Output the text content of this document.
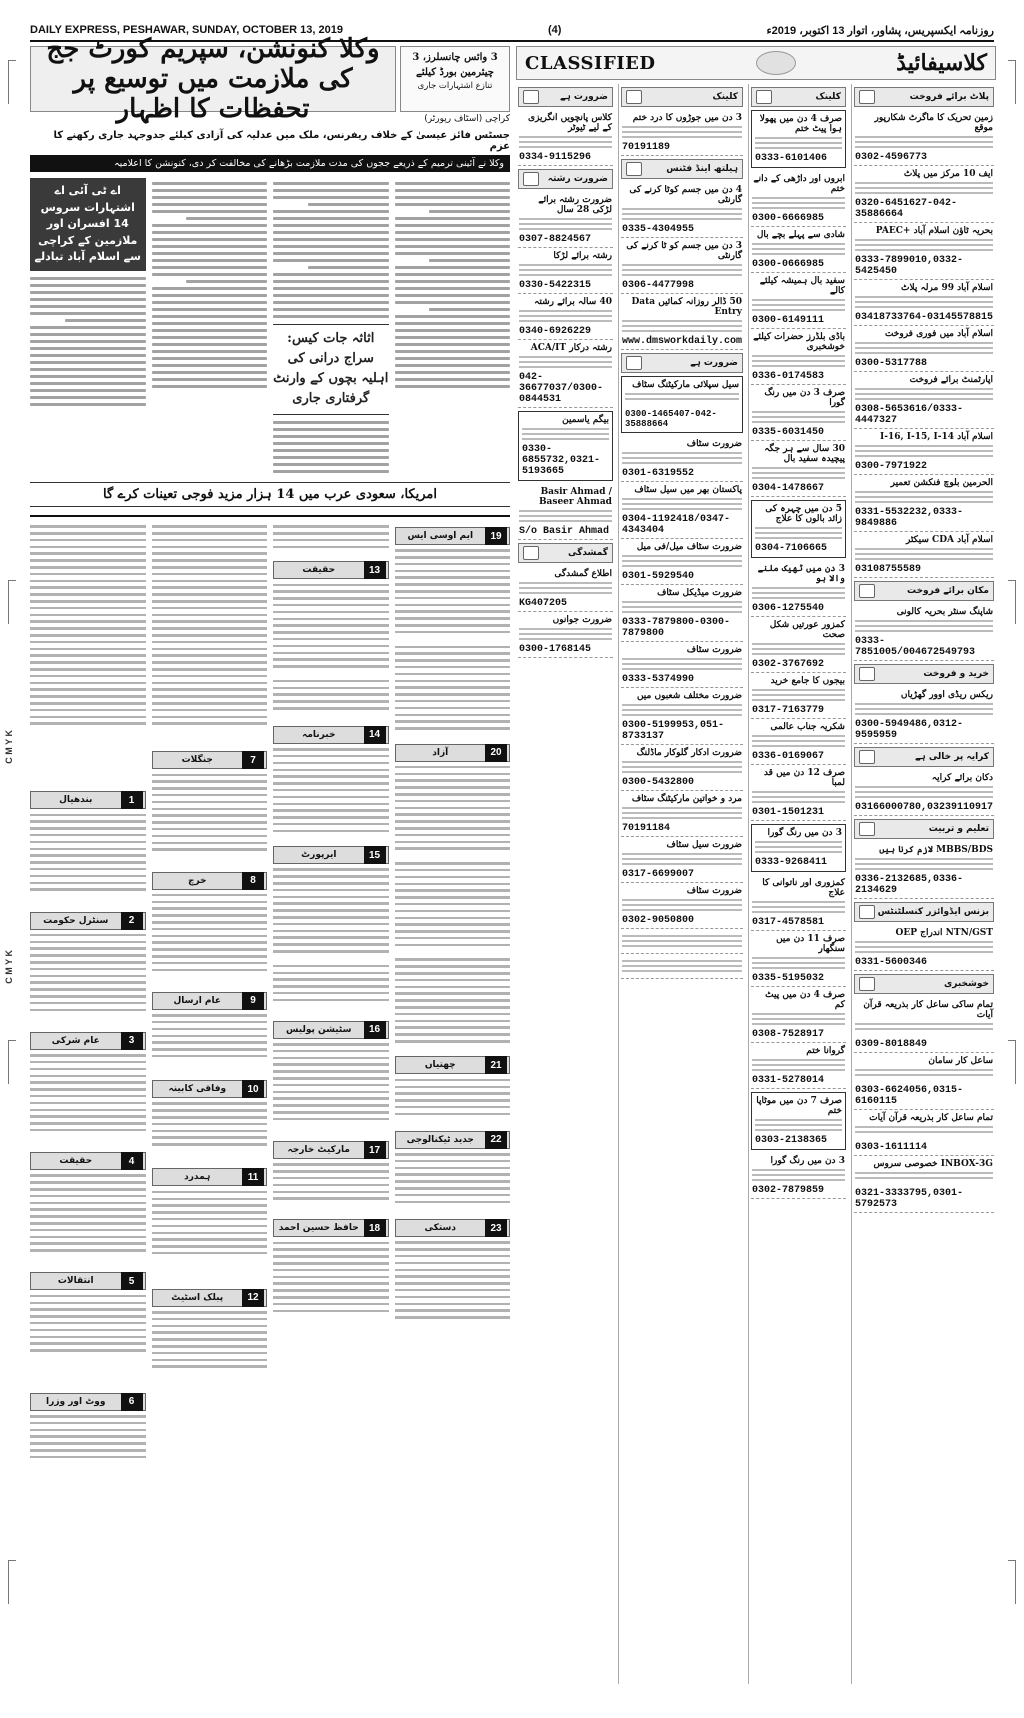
DAILY EXPRESS, PESHAWAR, SUNDAY, OCTOBER 13, 2019	(4)	روزنامہ ایکسپریس، پشاور، اتوار 13 اکتوبر، 2019ء
C M Y K
C M Y K
وکلا کنونشن، سپریم کورٹ جج کی ملازمت میں توسیع پر تحفظات کا اظہار
3 وائس چانسلرز، 3 چیئرمین بورڈ کیلئے
تنازع اشتہارات جاری
کراچی (اسٹاف رپورٹر)
جسٹس فائز عیسیٰ کے خلاف ریفرنس، ملک میں عدلیہ کی آزادی کیلئے جدوجہد جاری رکھنے کا عزم
وکلا نے آئینی ترمیم کے ذریعے ججوں کی مدت ملازمت بڑھانے کی مخالفت کر دی، کنونشن کا اعلامیہ
اثاثہ جات کیس: سراج درانی کی اہلیہ بچوں کے وارنٹ گرفتاری جاری
اے ٹی آئی اے اشتہارات سروس 14 افسران اور ملازمین کے کراچی سے اسلام آباد تبادلے
امریکا، سعودی عرب میں 14 ہزار مزید فوجی تعینات کرے گا
19
ایم اوسی ایس
20
آزاد
21
چھتیاں
22
جدید ٹیکنالوجی
23
دستکی
13
حقیقت
14
خبرنامہ
15
ایرپورٹ
16
سٹیشن پولیس
17
مارکیٹ خارجہ
18
حافظ حسین احمد
7
جنگلات
8
خرچ
9
عام ارسال
10
وفاقی کابینہ
11
ہمدرد
12
پبلک اسٹیٹ
1
بندھیال
2
سنٹرل حکومت
3
عام شرکی
4
حقیقت
5
انتقالات
6
ووٹ اور وزرا
CLASSIFIED	کلاسیفائیڈ
پلاٹ برائے فروخت
زمین تحریک کا ماگرٹ شکارپور موقع
0302-4596773
ایف 10 مرکز میں پلاٹ
0320-6451627-042-35886664
بحریہ ٹاؤن اسلام آباد +PAEC
0333-7899010,0332-5425450
اسلام آباد 99 مرلہ پلاٹ
03418733764-03145578815
اسلام آباد میں فوری فروخت
0300-5317788
اپارٹمنٹ برائے فروخت
0308-5653616/0333-4447327
اسلام آباد I-16, I-15, I-14
0300-7971922
الحرمین بلوچ فنکشن تعمیر
0331-5532232,0333-9849886
اسلام آباد CDA سیکٹر
03108755589
مکان برائے فروخت
شاپنگ سنٹر بحریہ کالونی
0333-7851005/004672549793
خرید و فروخت
ریکس ریڈی اوور گھڑیاں
0300-5949486,0312-9595959
کرایہ پر خالی ہے
دکان برائے کرایہ
03166000780,03239110917
تعلیم و تربیت
MBBS/BDS لازم کرنا ہیں
0336-2132685,0336-2134629
بزنس ایڈوائزر کنسلٹنٹس
NTN/GST اندراج OEP
0331-5600346
خوشخبری
تمام ساکی ساعل کار بذریعہ قرآن آیات
0309-8018849
ساعل کار سامان
0303-6624056,0315-6160115
تمام ساعل کار بذریعہ قرآن آیات
0303-1611114
INBOX-3G خصوصی سروس
0321-3333795,0301-5792573
کلینک
صرف 4 دن میں پھولا ہوا پیٹ ختم
0333-6101406
ابروں اور داڑھی کے دانے ختم
0300-6666985
شادی سے پہلے بچے بال
0300-0666985
سفید بال ہمیشہ کیلئے کالے
0300-6149111
باڈی بلڈرز حضرات کیلئے خوشخبری
0336-0174583
صرف 3 دن میں رنگ گورا
0335-6031450
30 سال سے ہر جگہ پیچیدہ سفید بال
0304-1478667
5 دن میں چہرہ کی زائد بالوں کا علاج
0304-7106665
3 دن میں ٹھیک ملنے والا ہو
0306-1275540
کمزور عورتیں شکل صحت
0302-3767692
بیجوں کا جامع خرید
0317-7163779
شکریہ جناب عالمی
0336-0169067
صرف 12 دن میں قد لمبا
0301-1501231
3 دن میں رنگ گورا
0333-9268411
کمزوری اور ناتوانی کا علاج
0317-4578581
صرف 11 دن میں سنگھار
0335-5195032
صرف 4 دن میں پیٹ کم
0308-7528917
گروانا ختم
0331-5278014
صرف 7 دن میں موٹاپا ختم
0303-2138365
3 دن میں رنگ گورا
0302-7879859
کلینک
3 دن میں جوڑوں کا درد ختم
70191189
ہیلتھ اینڈ فٹنس
4 دن میں جسم کوٹا کرنے کی گارنٹی
0335-4304955
3 دن میں جسم کو ٹا کرنے کی گارنٹی
0306-4477998
50 ڈالر روزانہ کمائیں Data Entry
www.dmsworkdaily.com
ضرورت ہے
سیل سپلائی مارکیٹنگ سٹاف
0300-1465407-042-35888664
ضرورت سٹاف
0301-6319552
پاکستان بھر میں سیل سٹاف
0304-1192418/0347-4343404
ضرورت سٹاف میل/فی میل
0301-5929540
ضرورت میڈیکل سٹاف
0333-7879800-0300-7879800
ضرورت سٹاف
0333-5374990
ضرورت مختلف شعبوں میں
0300-5199953,051-8733137
ضرورت ادکار گلوکار ماڈلنگ
0300-5432800
مرد و خواتین مارکیٹنگ سٹاف
70191184
ضرورت سیل سٹاف
0317-6699007
ضرورت سٹاف
0302-9050800
ضرورت ہے
کلاس پانچویں انگریزی کے لیے ٹیوٹر
0334-9115296
ضرورت رشتہ
ضرورت رشتہ برائے لڑکی 28 سال
0307-8824567
رشتہ برائے لڑکا
0330-5422315
40 سالہ برائے رشتہ
0340-6926229
رشتہ درکار ACA/IT
042-36677037/0300-0844531
بیگم یاسمین
0330-6855732,0321-5193665
Basir Ahmad / Baseer Ahmad
S/o Basir Ahmad
گمشدگی
اطلاع گمشدگی
KG407205
ضرورت جوانوں
0300-1768145
